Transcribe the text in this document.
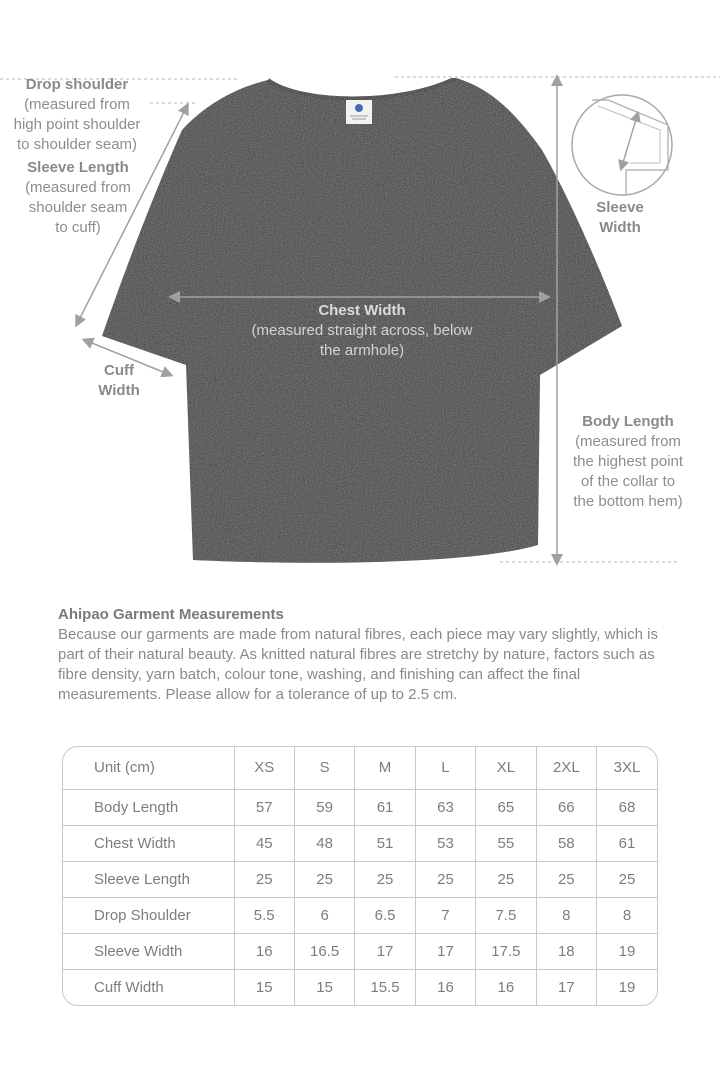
Drop shoulder
(measured from
high point shoulder
to shoulder seam)
Sleeve Length
(measured from
shoulder seam
to cuff)
Cuff
Width
Sleeve
Width
Chest Width
(measured straight across, below
the armhole)
Body Length
(measured from
the highest point
of the collar to
the bottom hem)
Ahipao Garment Measurements

Because our garments are made from natural fibres, each piece may vary slightly, which is part of their natural beauty. As knitted natural fibres are stretchy by nature, factors such as fibre density, yarn batch, colour tone, washing, and finishing can affect the final measurements. Please allow for a tolerance of up to 2.5 cm.

Unit (cm)	XS	S	M	L	XL	2XL	3XL
Body Length	57	59	61	63	65	66	68
Chest Width	45	48	51	53	55	58	61
Sleeve Length	25	25	25	25	25	25	25
Drop Shoulder	5.5	6	6.5	7	7.5	8	8
Sleeve Width	16	16.5	17	17	17.5	18	19
Cuff Width	15	15	15.5	16	16	17	19
